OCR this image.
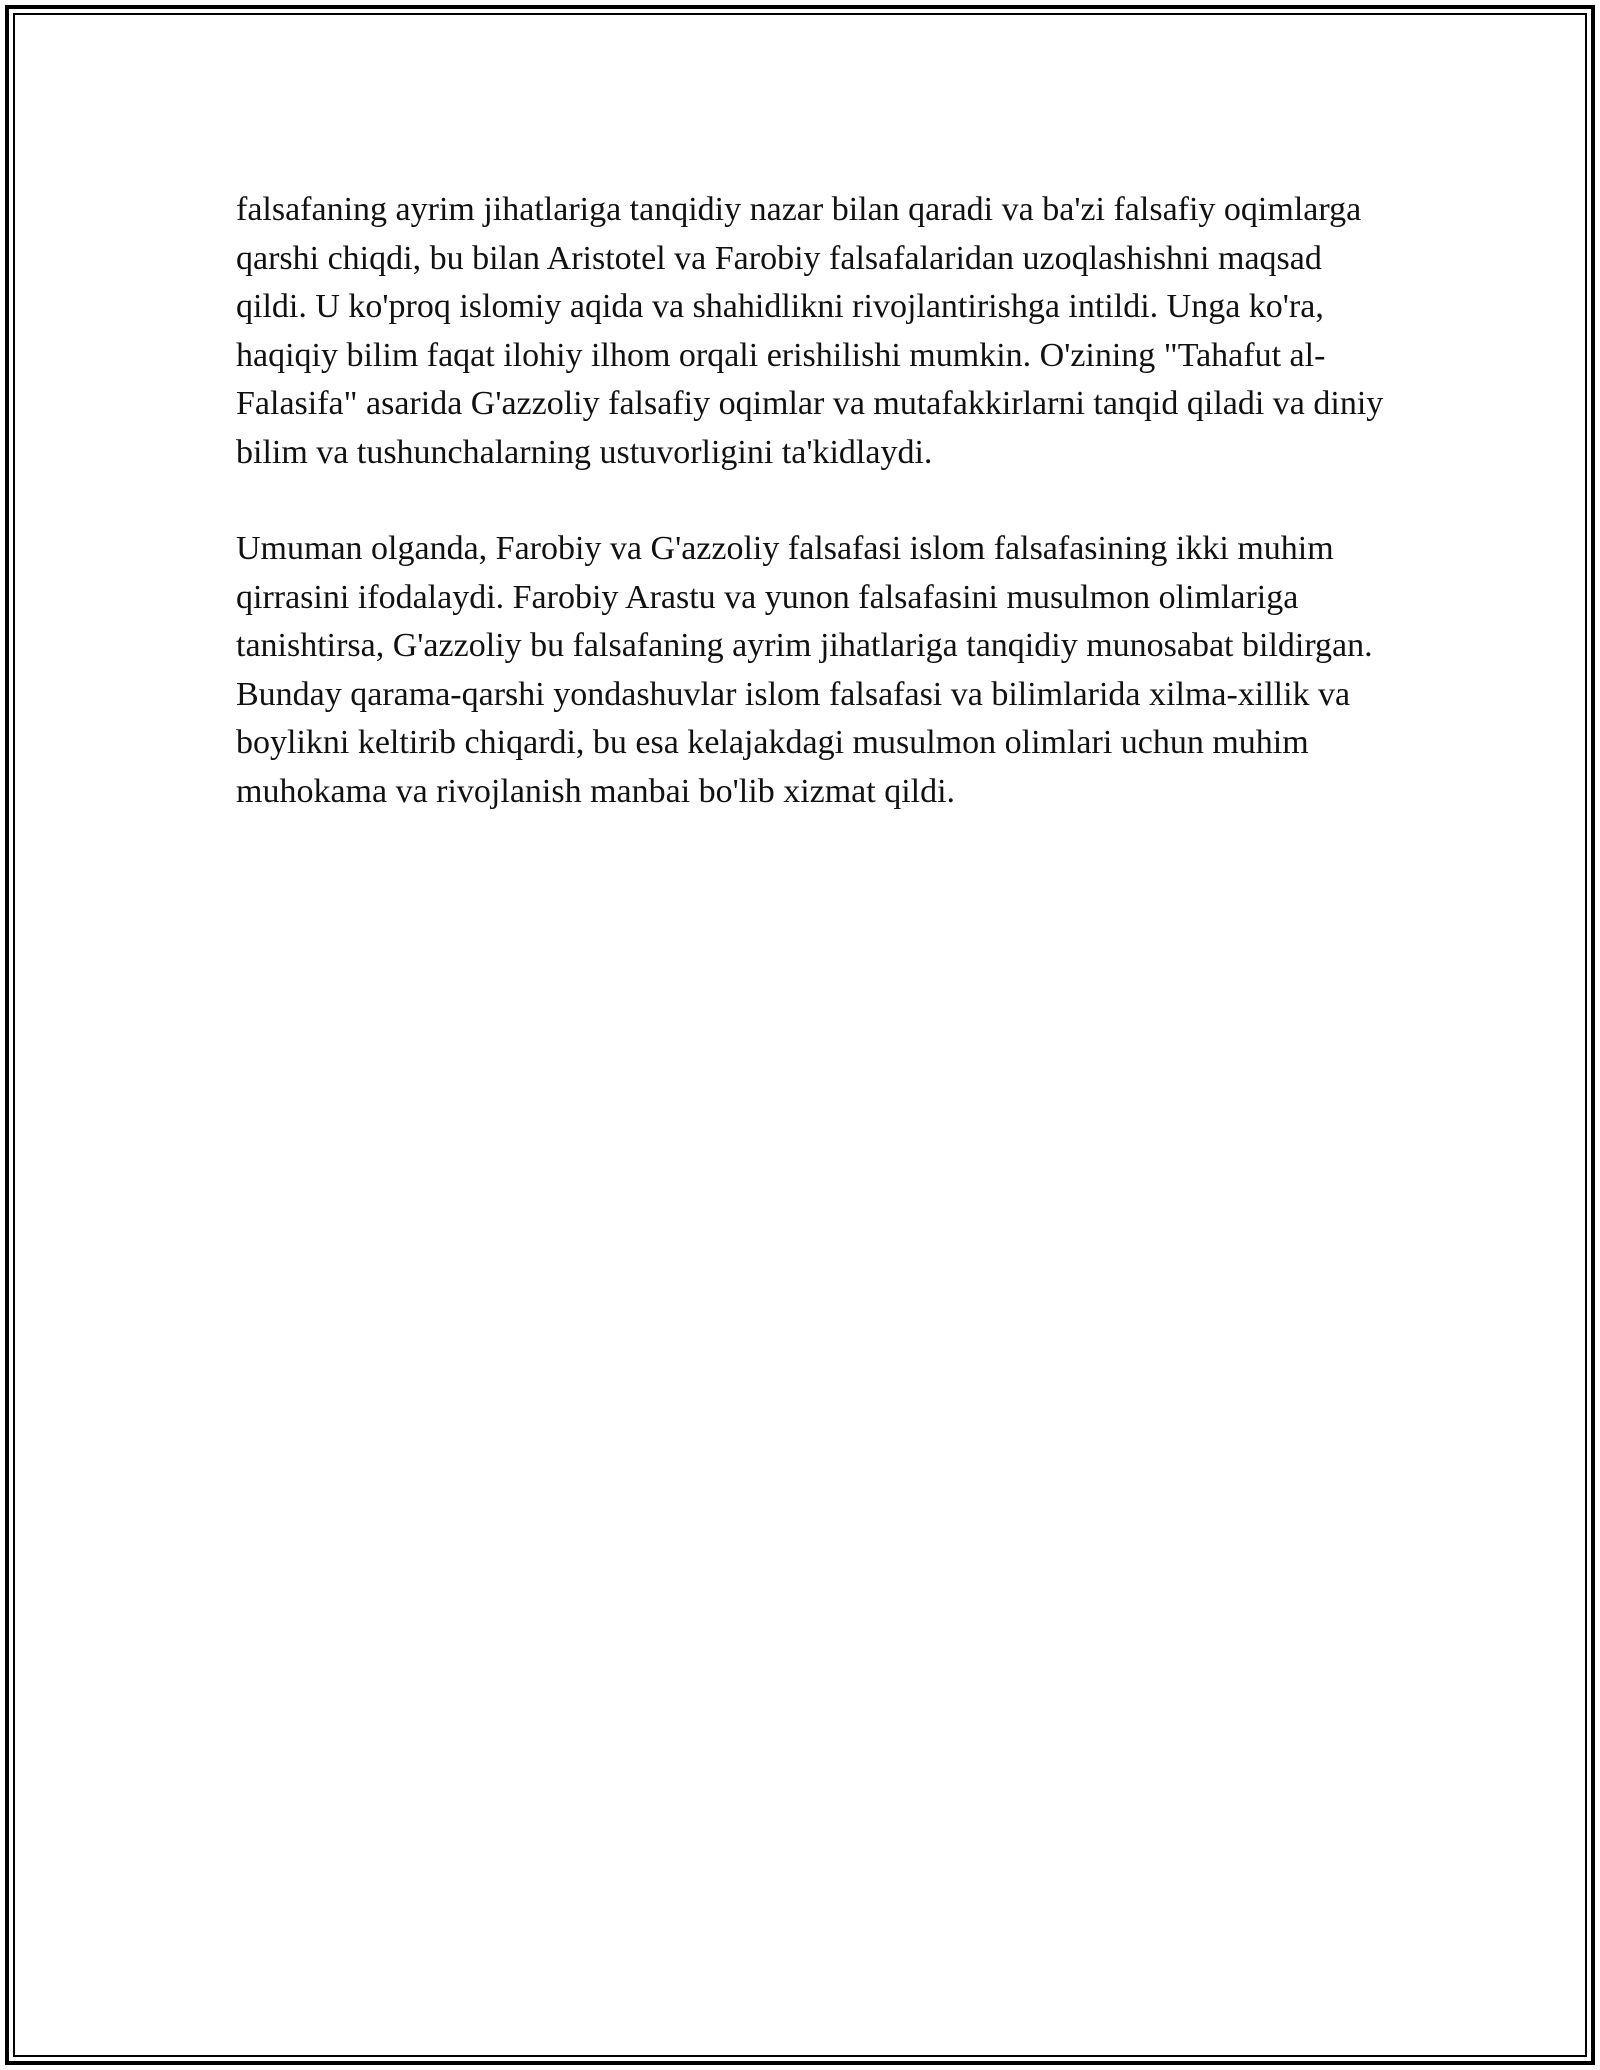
falsafaning ayrim jihatlariga tanqidiy nazar bilan qaradi va ba'zi falsafiy oqimlarga qarshi chiqdi, bu bilan Aristotel va Farobiy falsafalaridan uzoqlashishni maqsad qildi. U ko'proq islomiy aqida va shahidlikni rivojlantirishga intildi. Unga ko'ra, haqiqiy bilim faqat ilohiy ilhom orqali erishilishi mumkin. O'zining "Tahafut al-Falasifa" asarida G'azzoliy falsafiy oqimlar va mutafakkirlarni tanqid qiladi va diniy bilim va tushunchalarning ustuvorligini ta'kidlaydi.

Umuman olganda, Farobiy va G'azzoliy falsafasi islom falsafasining ikki muhim qirrasini ifodalaydi. Farobiy Arastu va yunon falsafasini musulmon olimlariga tanishtirsa, G'azzoliy bu falsafaning ayrim jihatlariga tanqidiy munosabat bildirgan. Bunday qarama-qarshi yondashuvlar islom falsafasi va bilimlarida xilma-xillik va boylikni keltirib chiqardi, bu esa kelajakdagi musulmon olimlari uchun muhim muhokama va rivojlanish manbai bo'lib xizmat qildi.
